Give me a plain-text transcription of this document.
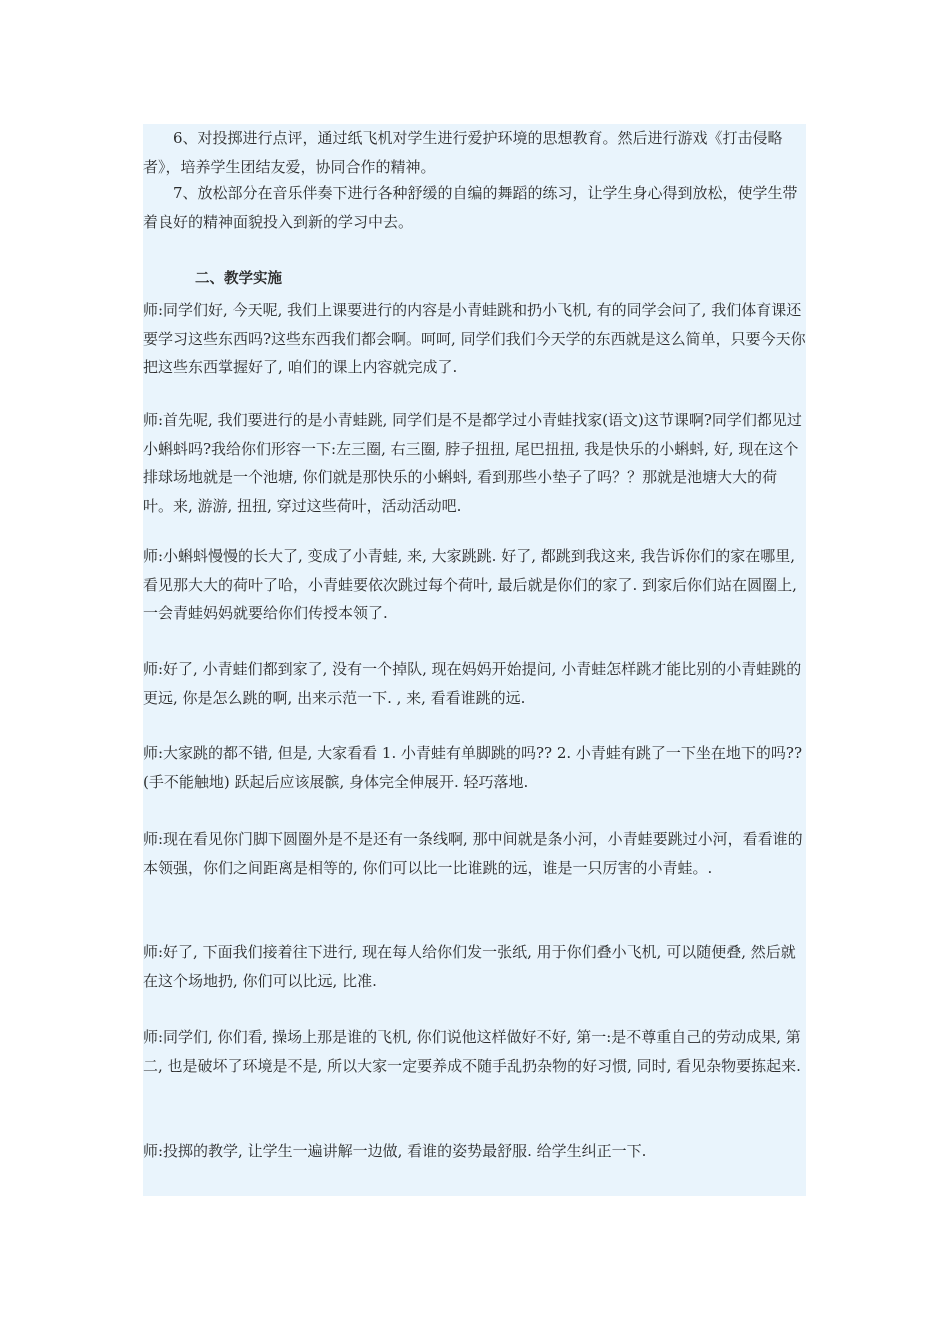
6、对投掷进行点评，通过纸飞机对学生进行爱护环境的思想教育。然后进行游戏《打击侵略者》，培养学生团结友爱，协同合作的精神。

7、放松部分在音乐伴奏下进行各种舒缓的自编的舞蹈的练习，让学生身心得到放松，使学生带着良好的精神面貌投入到新的学习中去。

二、教学实施

师:同学们好, 今天呢, 我们上课要进行的内容是小青蛙跳和扔小飞机, 有的同学会问了, 我们体育课还要学习这些东西吗?这些东西我们都会啊。呵呵, 同学们我们今天学的东西就是这么简单，只要今天你把这些东西掌握好了, 咱们的课上内容就完成了.

师:首先呢, 我们要进行的是小青蛙跳, 同学们是不是都学过小青蛙找家(语文)这节课啊?同学们都见过小蝌蚪吗?我给你们形容一下:左三圈, 右三圈, 脖子扭扭, 尾巴扭扭, 我是快乐的小蝌蚪, 好, 现在这个排球场地就是一个池塘, 你们就是那快乐的小蝌蚪, 看到那些小垫子了吗？？那就是池塘大大的荷叶。来, 游游, 扭扭, 穿过这些荷叶，活动活动吧.

师:小蝌蚪慢慢的长大了, 变成了小青蛙, 来, 大家跳跳. 好了, 都跳到我这来, 我告诉你们的家在哪里, 看见那大大的荷叶了哈，小青蛙要依次跳过每个荷叶, 最后就是你们的家了. 到家后你们站在圆圈上, 一会青蛙妈妈就要给你们传授本领了.

师:好了, 小青蛙们都到家了, 没有一个掉队, 现在妈妈开始提问, 小青蛙怎样跳才能比别的小青蛙跳的更远, 你是怎么跳的啊, 出来示范一下. , 来, 看看谁跳的远.

师:大家跳的都不错, 但是, 大家看看 1. 小青蛙有单脚跳的吗?? 2. 小青蛙有跳了一下坐在地下的吗??(手不能触地) 跃起后应该展髌, 身体完全伸展开. 轻巧落地.

师:现在看见你门脚下圆圈外是不是还有一条线啊, 那中间就是条小河，小青蛙要跳过小河，看看谁的本领强，你们之间距离是相等的, 你们可以比一比谁跳的远，谁是一只厉害的小青蛙。.

师:好了, 下面我们接着往下进行, 现在每人给你们发一张纸, 用于你们叠小飞机, 可以随便叠, 然后就在这个场地扔, 你们可以比远, 比准.

师:同学们, 你们看, 操场上那是谁的飞机, 你们说他这样做好不好, 第一:是不尊重自己的劳动成果, 第二, 也是破坏了环境是不是, 所以大家一定要养成不随手乱扔杂物的好习惯, 同时, 看见杂物要拣起来.

师:投掷的教学, 让学生一遍讲解一边做, 看谁的姿势最舒服. 给学生纠正一下.
